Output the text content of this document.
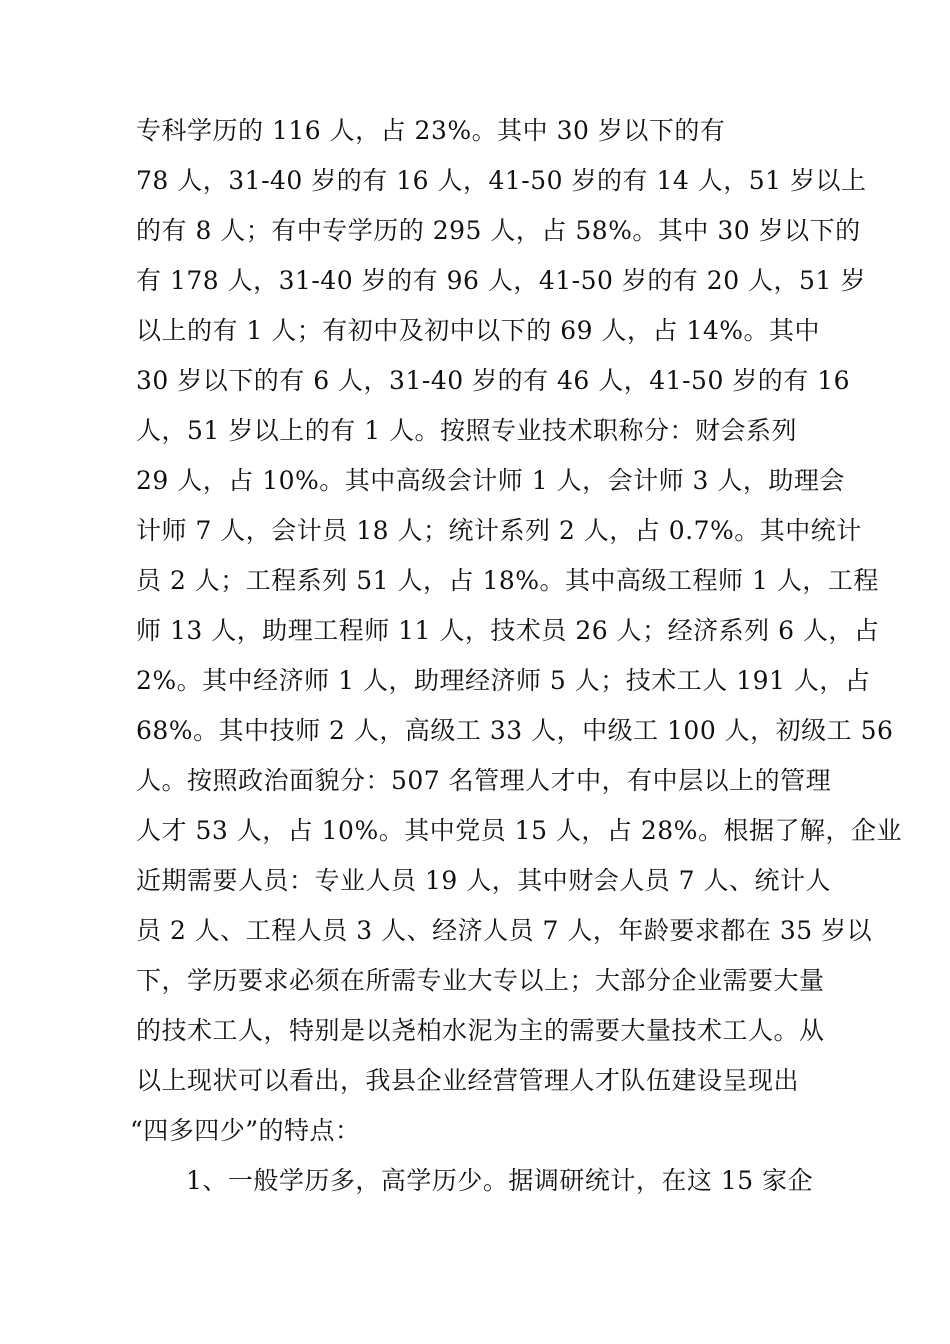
专科学历的 116 人，占 23%。其中 30 岁以下的有
78 人，31-40 岁的有 16 人，41-50 岁的有 14 人，51 岁以上
的有 8 人；有中专学历的 295 人，占 58%。其中 30 岁以下的
有 178 人，31-40 岁的有 96 人，41-50 岁的有 20 人，51 岁
以上的有 1 人；有初中及初中以下的 69 人，占 14%。其中
30 岁以下的有 6 人，31-40 岁的有 46 人，41-50 岁的有 16
人，51 岁以上的有 1 人。按照专业技术职称分：财会系列
29 人，占 10%。其中高级会计师 1 人，会计师 3 人，助理会
计师 7 人，会计员 18 人；统计系列 2 人，占 0.7%。其中统计
员 2 人；工程系列 51 人，占 18%。其中高级工程师 1 人，工程
师 13 人，助理工程师 11 人，技术员 26 人；经济系列 6 人，占
2%。其中经济师 1 人，助理经济师 5 人；技术工人 191 人，占
68%。其中技师 2 人，高级工 33 人，中级工 100 人，初级工 56
人。按照政治面貌分：507 名管理人才中，有中层以上的管理
人才 53 人，占 10%。其中党员 15 人，占 28%。根据了解，企业
近期需要人员：专业人员 19 人，其中财会人员 7 人、统计人
员 2 人、工程人员 3 人、经济人员 7 人，年龄要求都在 35 岁以
下，学历要求必须在所需专业大专以上；大部分企业需要大量
的技术工人，特别是以尧柏水泥为主的需要大量技术工人。从
以上现状可以看出，我县企业经营管理人才队伍建设呈现出
“四多四少”的特点：
1、一般学历多，高学历少。据调研统计，在这 15 家企
